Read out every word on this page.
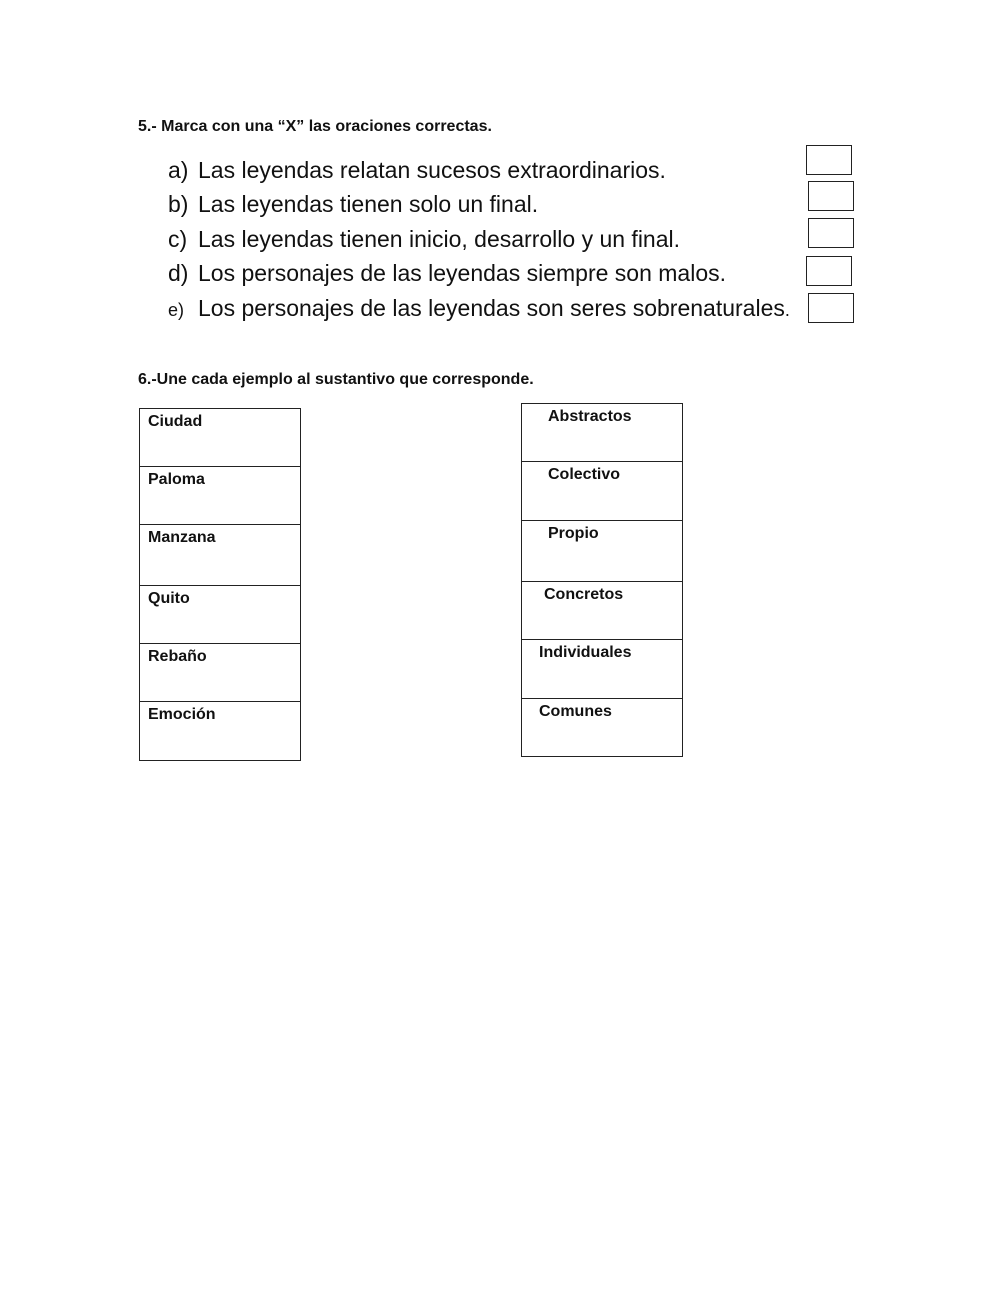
5.- Marca con una “X” las oraciones correctas.
a) Las leyendas relatan sucesos extraordinarios.
b) Las leyendas tienen solo un final.
c) Las leyendas tienen inicio, desarrollo y un final.
d) Los personajes de las leyendas siempre son malos.
e) Los personajes de las leyendas son seres sobrenaturales.
6.-Une cada ejemplo al sustantivo que corresponde.
Ciudad
Paloma
Manzana
Quito
Rebaño
Emoción
Abstractos
Colectivo
Propio
Concretos
Individuales
Comunes
